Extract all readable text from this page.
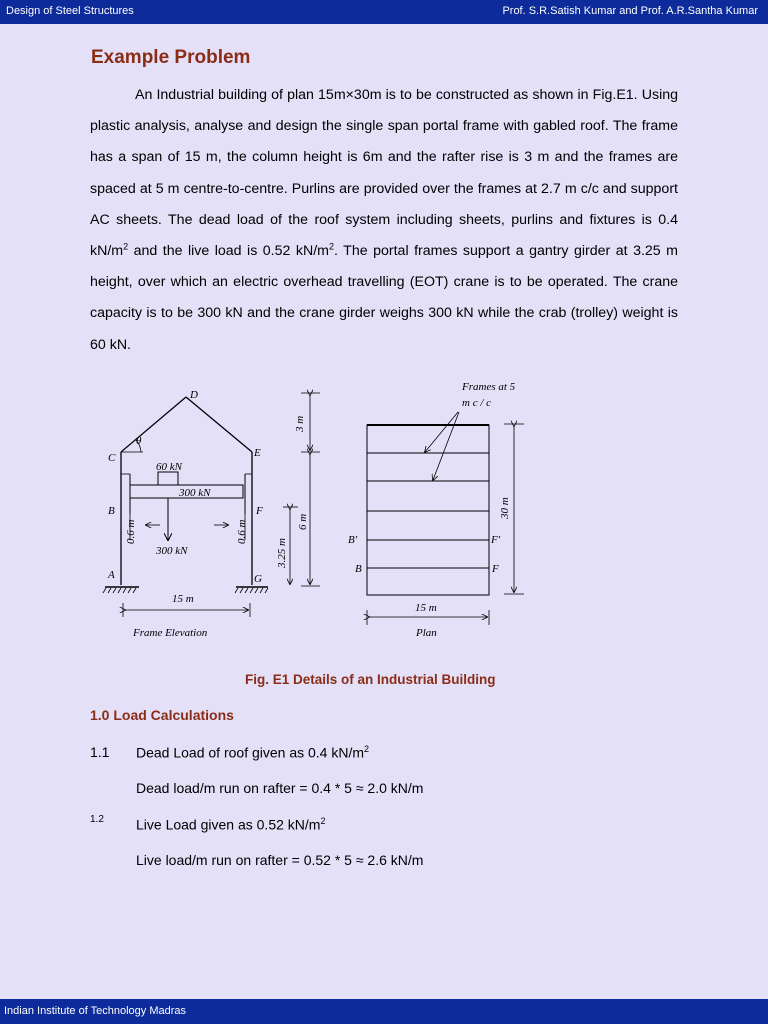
Design of Steel Structures	Prof. S.R.Satish Kumar and Prof. A.R.Santha Kumar
Example Problem
An Industrial building of plan 15m×30m is to be constructed as shown in Fig.E1. Using plastic analysis, analyse and design the single span portal frame with gabled roof. The frame has a span of 15 m, the column height is 6m and the rafter rise is 3 m and the frames are spaced at 5 m centre-to-centre. Purlins are provided over the frames at 2.7 m c/c and support AC sheets. The dead load of the roof system including sheets, purlins and fixtures is 0.4 $kN/m^2$ and the live load is 0.52 $kN/m^2$. The portal frames support a gantry girder at 3.25 m height, over which an electric overhead travelling (EOT) crane is to be operated. The crane capacity is to be 300 kN and the crane girder weighs 300 kN while the crab (trolley) weight is 60 kN.
D
θ
C	E
B	F
A	G
60 kN
300 kN
300 kN
0.6 m	0.6 m
3 m
6 m
3.25 m
15 m
Frame Elevation
Frames at 5
m c / c
30 m
B'	F'
B	F
15 m
Plan
Fig. E1 Details of an Industrial Building
1.0 Load Calculations
1.1 Dead Load of roof given as 0.4 $kN/m^2$
Dead load/m run on rafter = 0.4 * 5 ≈ 2.0 kN/m
1.2 Live Load given as 0.52 $kN/m^2$
Live load/m run on rafter = 0.52 * 5 ≈ 2.6 kN/m
Indian Institute of Technology Madras
